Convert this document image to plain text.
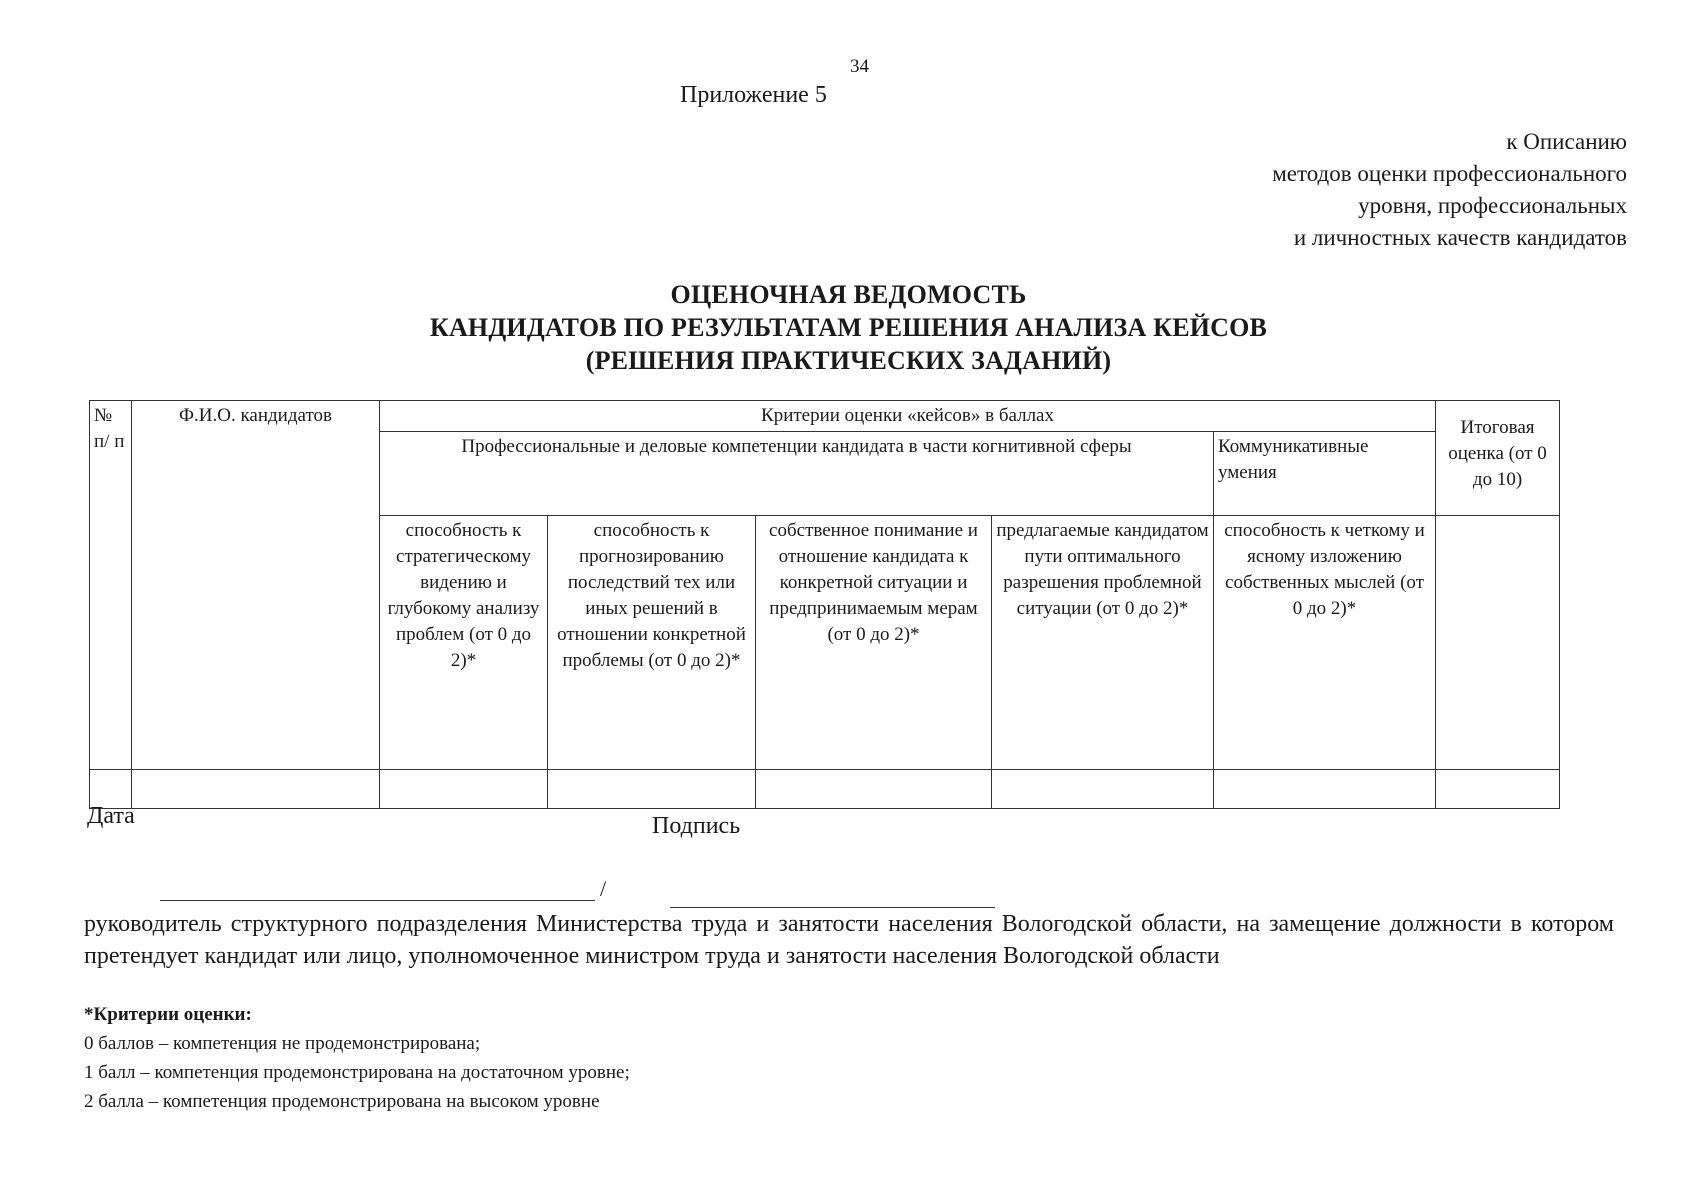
34
Приложение 5
к Описанию
методов оценки профессионального
уровня, профессиональных
и личностных качеств кандидатов
ОЦЕНОЧНАЯ ВЕДОМОСТЬ
КАНДИДАТОВ ПО РЕЗУЛЬТАТАМ РЕШЕНИЯ АНАЛИЗА КЕЙСОВ
(РЕШЕНИЯ ПРАКТИЧЕСКИХ ЗАДАНИЙ)
№ п/ п	Ф.И.О. кандидатов	Критерии оценки «кейсов» в баллах					Итоговая оценка (от 0 до 10)
		Профессиональные и деловые компетенции кандидата в части когнитивной сферы				Коммуникативные умения	
		способность к стратегическому видению и глубокому анализу проблем (от 0 до 2)*	способность к прогнозированию последствий тех или иных решений в отношении конкретной проблемы (от 0 до 2)*	собственное понимание и отношение кандидата к конкретной ситуации и предпринимаемым мерам (от 0 до 2)*	предлагаемые кандидатом пути оптимального разрешения проблемной ситуации (от 0 до 2)*	способность к четкому и ясному изложению собственных мыслей (от 0 до 2)*	

Дата	Подпись
/
руководитель структурного подразделения Министерства труда и занятости населения Вологодской области, на замещение должности в котором претендует кандидат или лицо, уполномоченное министром труда и занятости населения Вологодской области
*Критерии оценки:
0 баллов – компетенция не продемонстрирована;
1 балл – компетенция продемонстрирована на достаточном уровне;
2 балла – компетенция продемонстрирована на высоком уровне
